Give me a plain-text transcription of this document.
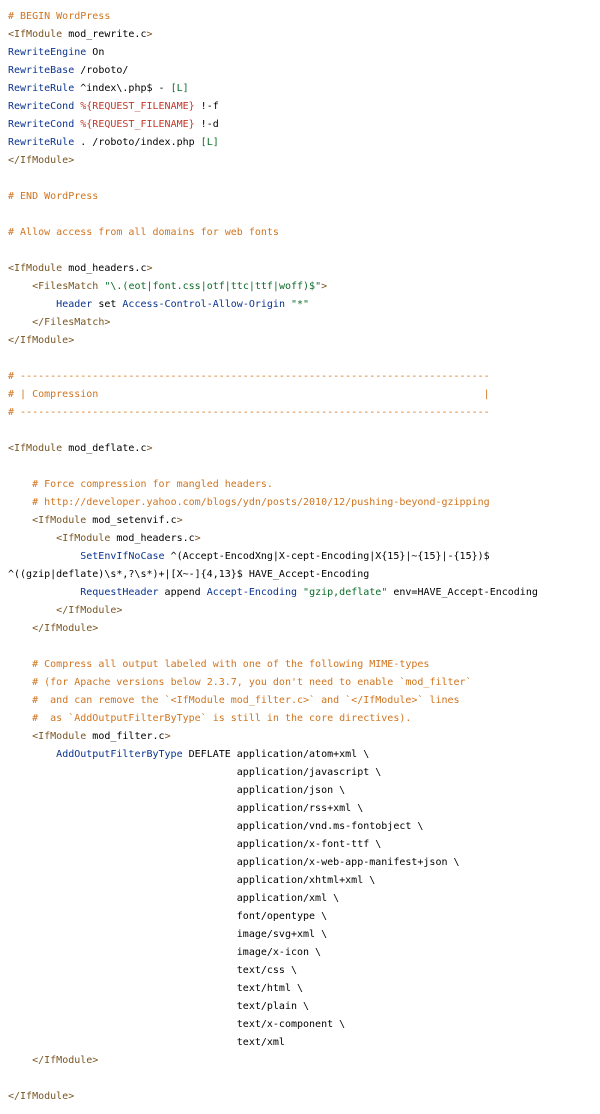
# BEGIN WordPress
<IfModule mod_rewrite.c>
RewriteEngine On
RewriteBase /roboto/
RewriteRule ^index\.php$ - [L]
RewriteCond %{REQUEST_FILENAME} !-f
RewriteCond %{REQUEST_FILENAME} !-d
RewriteRule . /roboto/index.php [L]
</IfModule>
# END WordPress
# Allow access from all domains for web fonts
<IfModule mod_headers.c>
<FilesMatch "\.(eot|font.css|otf|ttc|ttf|woff)$">
Header set Access-Control-Allow-Origin "*"
</FilesMatch>
</IfModule>
# ------------------------------------------------------------------------------
# | Compression                                                                |
# ------------------------------------------------------------------------------
<IfModule mod_deflate.c>
# Force compression for mangled headers.
# http://developer.yahoo.com/blogs/ydn/posts/2010/12/pushing-beyond-gzipping
<IfModule mod_setenvif.c>
<IfModule mod_headers.c>
SetEnvIfNoCase ^(Accept-EncodXng|X-cept-Encoding|X{15}|~{15}|-{15})$
^((gzip|deflate)\s*,?\s*)+|[X~-]{4,13}$ HAVE_Accept-Encoding
RequestHeader append Accept-Encoding "gzip,deflate" env=HAVE_Accept-Encoding
</IfModule>
</IfModule>
# Compress all output labeled with one of the following MIME-types
# (for Apache versions below 2.3.7, you don't need to enable `mod_filter`
#  and can remove the `<IfModule mod_filter.c>` and `</IfModule>` lines
#  as `AddOutputFilterByType` is still in the core directives).
<IfModule mod_filter.c>
AddOutputFilterByType DEFLATE application/atom+xml \
application/javascript \
application/json \
application/rss+xml \
application/vnd.ms-fontobject \
application/x-font-ttf \
application/x-web-app-manifest+json \
application/xhtml+xml \
application/xml \
font/opentype \
image/svg+xml \
image/x-icon \
text/css \
text/html \
text/plain \
text/x-component \
text/xml
</IfModule>
</IfModule>
